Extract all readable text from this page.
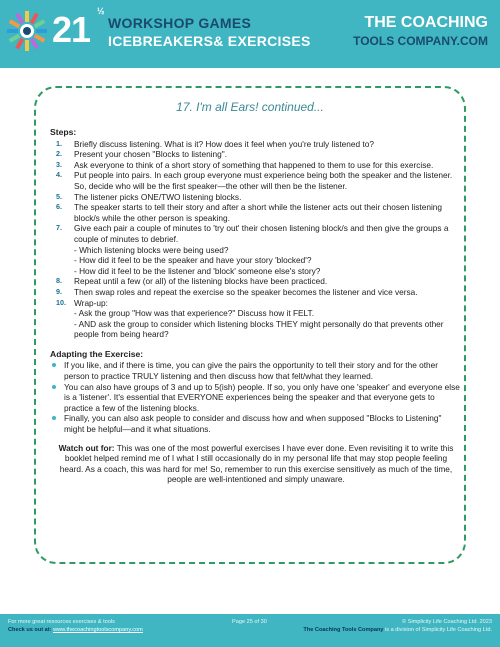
21 ½
WORKSHOP GAMES
ICEBREAKERS& EXERCISES
THE COACHING
TOOLS COMPANY.COM
17. I'm all Ears! continued...
Steps:
1. Briefly discuss listening. What is it? How does it feel when you're truly listened to?
2. Present your chosen "Blocks to listening".
3. Ask everyone to think of a short story of something that happened to them to use for this exercise.
4. Put people into pairs. In each group everyone must experience being both the speaker and the listener. So, decide who will be the first speaker—the other will then be the listener.
5. The listener picks ONE/TWO listening blocks.
6. The speaker starts to tell their story and after a short while the listener acts out their chosen listening block/s while the other person is speaking.
7. Give each pair a couple of minutes to 'try out' their chosen listening block/s and then give the groups a couple of minutes to debrief.
- Which listening blocks were being used?
- How did it feel to be the speaker and have your story 'blocked'?
- How did it feel to be the listener and 'block' someone else's story?
8. Repeat until a few (or all) of the listening blocks have been practiced.
9. Then swap roles and repeat the exercise so the speaker becomes the listener and vice versa.
10. Wrap-up:
- Ask the group "How was that experience?" Discuss how it FELT.
- AND ask the group to consider which listening blocks THEY might personally do that prevents other people from being heard?
Adapting the Exercise:
If you like, and if there is time, you can give the pairs the opportunity to tell their story and for the other person to practice TRULY listening and then discuss how that felt/what they learned.
You can also have groups of 3 and up to 5(ish) people. If so, you only have one 'speaker' and everyone else is a 'listener'. It's essential that EVERYONE experiences being the speaker and that everyone gets to practice a few of the listening blocks.
Finally, you can also ask people to consider and discuss how and when supposed "Blocks to Listening" might be helpful—and it what situations.
Watch out for: This was one of the most powerful exercises I have ever done. Even revisiting it to write this booklet helped remind me of I what I still occasionally do in my personal life that may stop people feeling heard. As a coach, this was hard for me! So, remember to run this exercise sensitively as much of the time, people are well-intentioned and simply unaware.
For more great resources exercises & tools
Check us out at: www.thecoachingtoolscompany.com
Page 25 of 30	© Simplicity Life Coaching Ltd. 2023
The Coaching Tools Company is a division of Simplicity Life Coaching Ltd.
